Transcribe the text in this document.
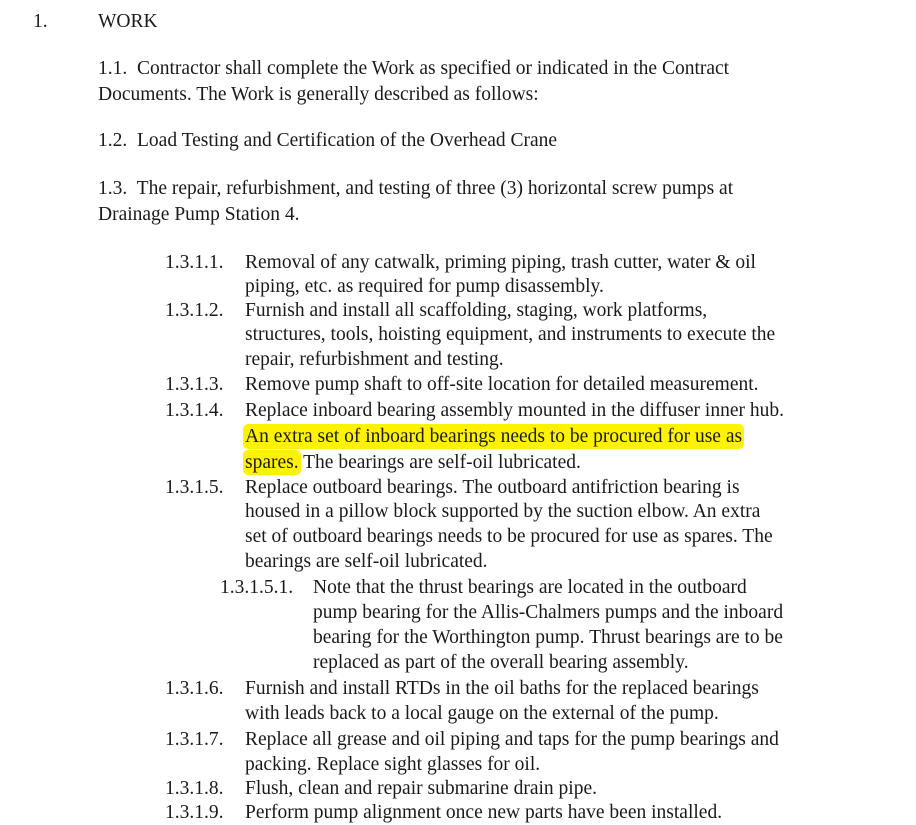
1.	WORK
1.1. Contractor shall complete the Work as specified or indicated in the Contract
Documents. The Work is generally described as follows:
1.2. Load Testing and Certification of the Overhead Crane
1.3. The repair, refurbishment, and testing of three (3) horizontal screw pumps at
Drainage Pump Station 4.
1.3.1.1. Removal of any catwalk, priming piping, trash cutter, water & oil
piping, etc. as required for pump disassembly.
1.3.1.2. Furnish and install all scaffolding, staging, work platforms,
structures, tools, hoisting equipment, and instruments to execute the
repair, refurbishment and testing.
1.3.1.3. Remove pump shaft to off-site location for detailed measurement.
1.3.1.4. Replace inboard bearing assembly mounted in the diffuser inner hub.
An extra set of inboard bearings needs to be procured for use as
spares. The bearings are self-oil lubricated.
1.3.1.5. Replace outboard bearings. The outboard antifriction bearing is
housed in a pillow block supported by the suction elbow. An extra
set of outboard bearings needs to be procured for use as spares. The
bearings are self-oil lubricated.
1.3.1.5.1. Note that the thrust bearings are located in the outboard
pump bearing for the Allis-Chalmers pumps and the inboard
bearing for the Worthington pump. Thrust bearings are to be
replaced as part of the overall bearing assembly.
1.3.1.6. Furnish and install RTDs in the oil baths for the replaced bearings
with leads back to a local gauge on the external of the pump.
1.3.1.7. Replace all grease and oil piping and taps for the pump bearings and
packing. Replace sight glasses for oil.
1.3.1.8. Flush, clean and repair submarine drain pipe.
1.3.1.9. Perform pump alignment once new parts have been installed.
